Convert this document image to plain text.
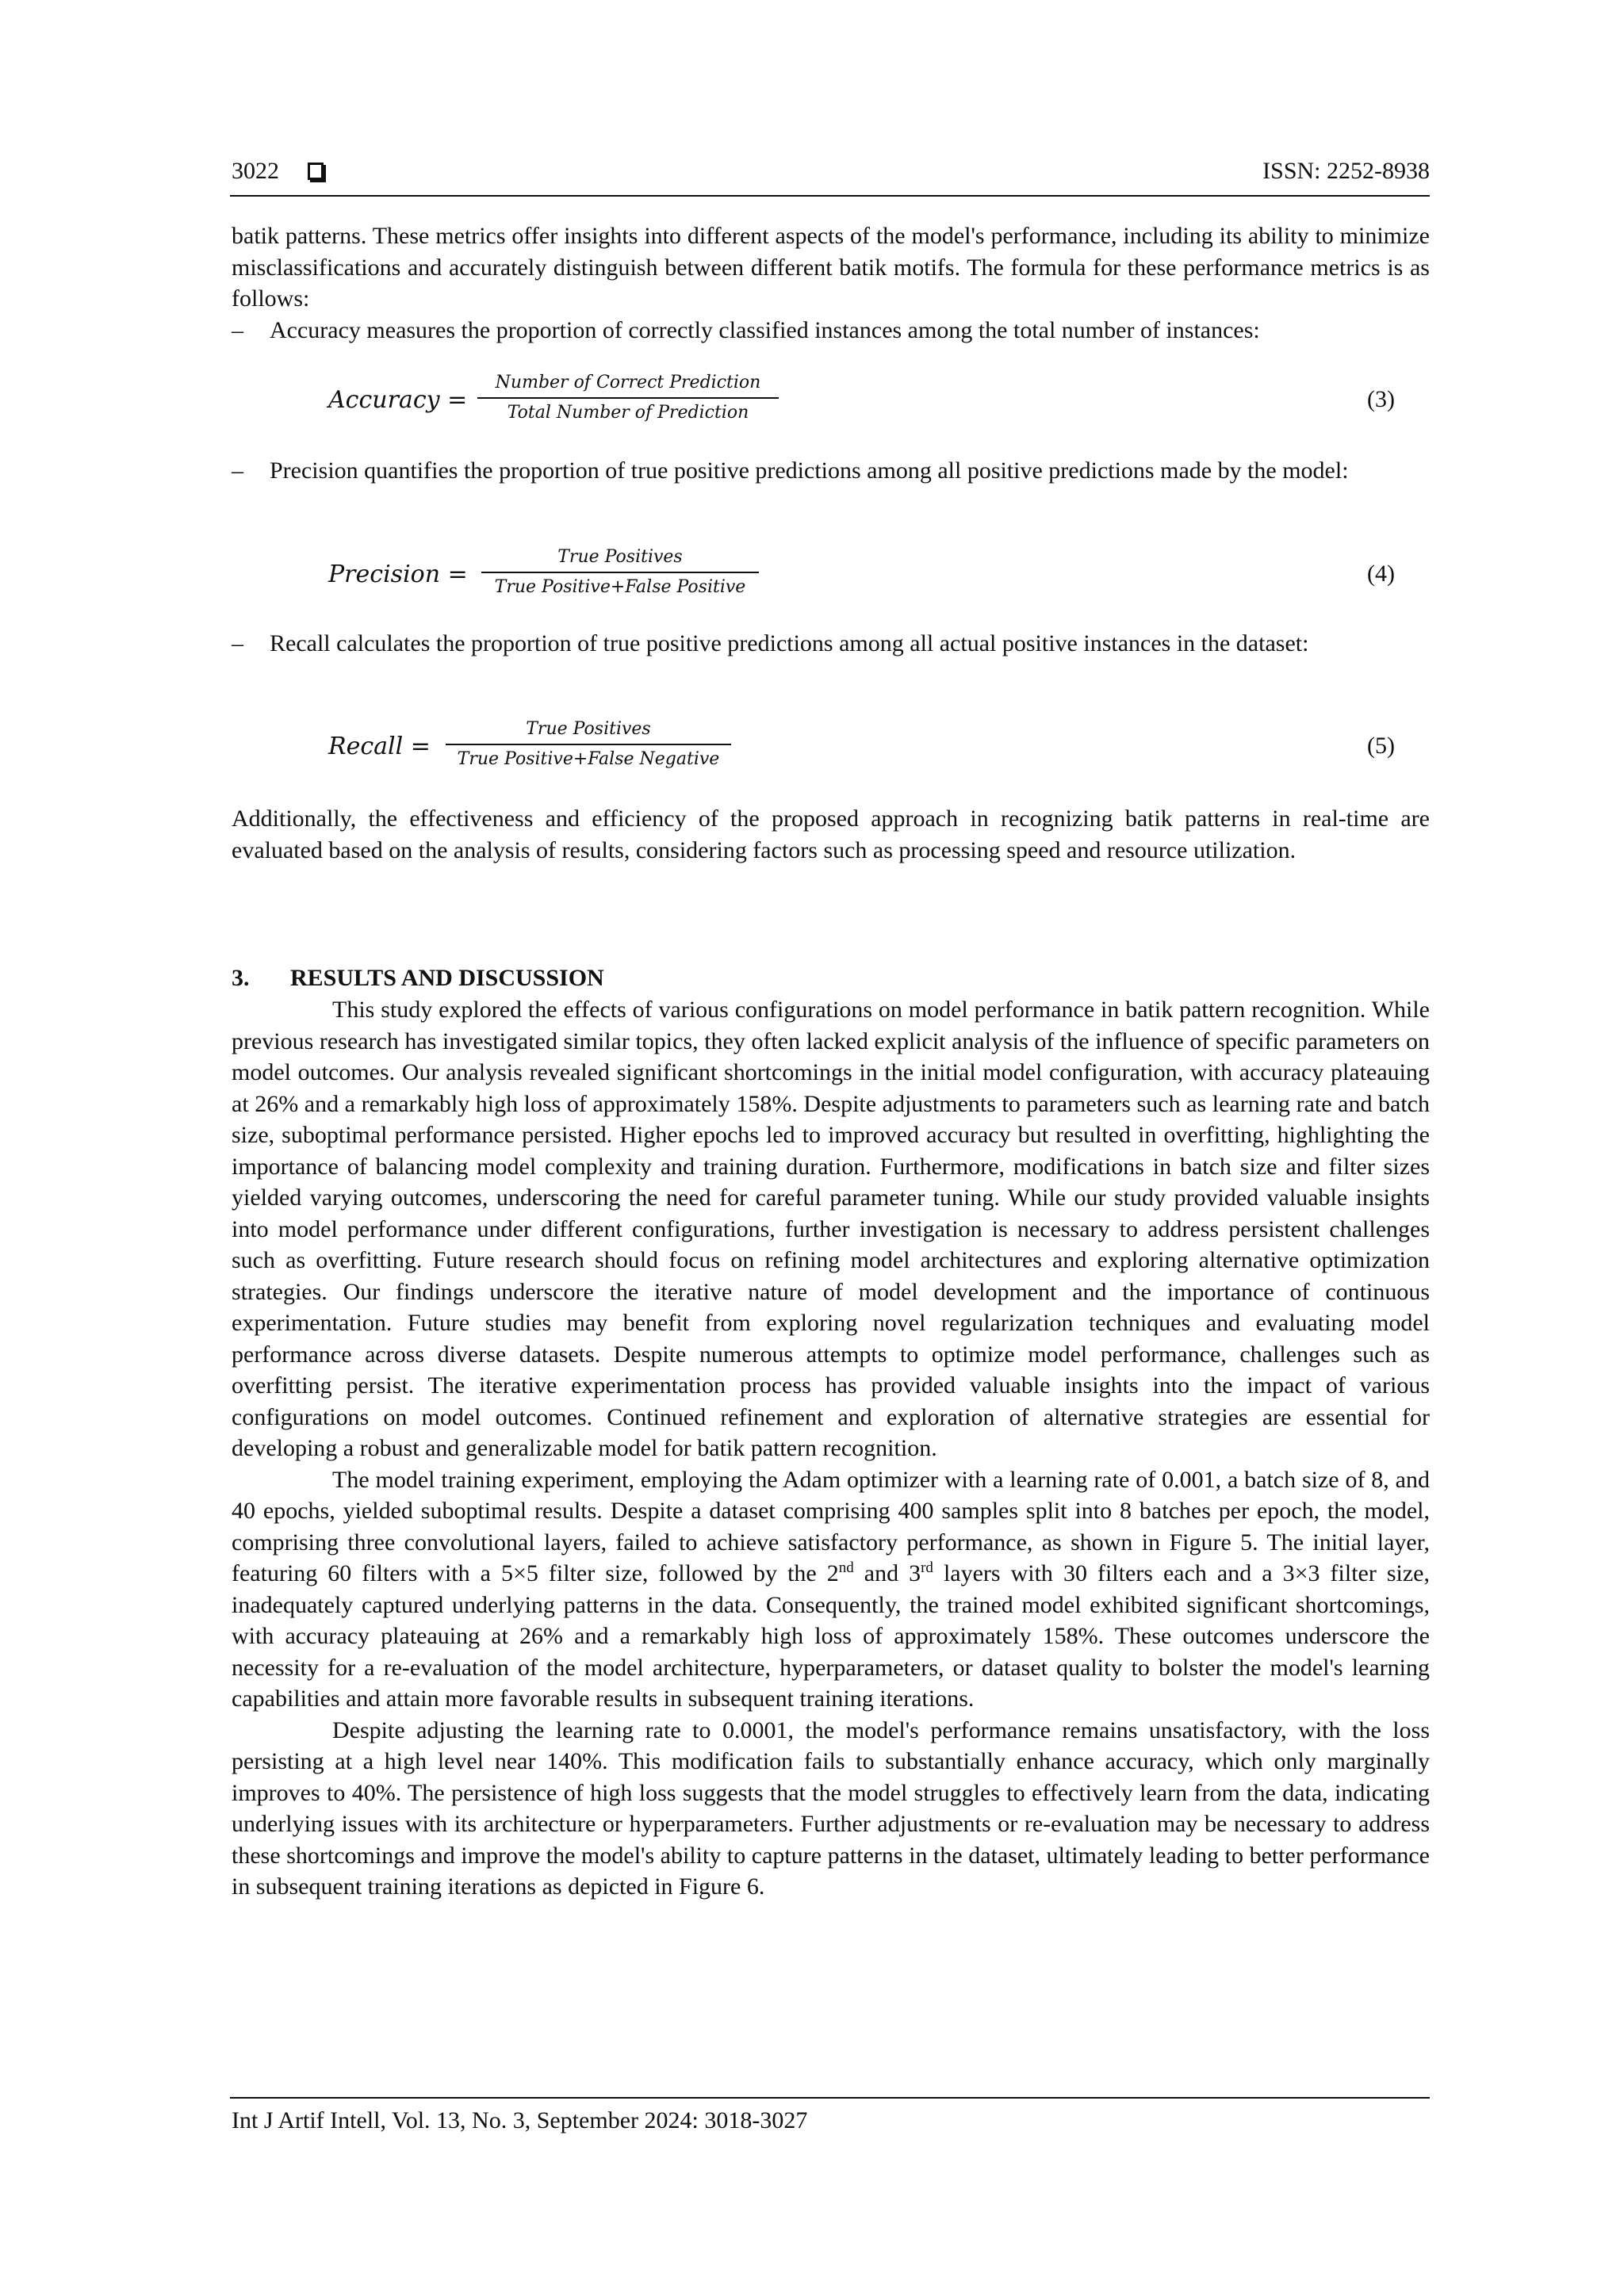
3022	ISSN: 2252-8938

batik patterns. These metrics offer insights into different aspects of the model's performance, including its ability to minimize misclassifications and accurately distinguish between different batik motifs. The formula for these performance metrics is as follows:

–	Accuracy measures the proportion of correctly classified instances among the total number of instances:
Accuracy =
Number of Correct Prediction
Total Number of Prediction
(3)
–	Precision quantifies the proportion of true positive predictions among all positive predictions made by the model:
Precision =
True Positives
True Positive+False Positive
(4)
–	Recall calculates the proportion of true positive predictions among all actual positive instances in the dataset:
Recall =
True Positives
True Positive+False Negative
(5)

Additionally, the effectiveness and efficiency of the proposed approach in recognizing batik patterns in real-time are evaluated based on the analysis of results, considering factors such as processing speed and resource utilization.

3. RESULTS AND DISCUSSION

This study explored the effects of various configurations on model performance in batik pattern recognition. While previous research has investigated similar topics, they often lacked explicit analysis of the influence of specific parameters on model outcomes. Our analysis revealed significant shortcomings in the initial model configuration, with accuracy plateauing at 26% and a remarkably high loss of approximately 158%. Despite adjustments to parameters such as learning rate and batch size, suboptimal performance persisted. Higher epochs led to improved accuracy but resulted in overfitting, highlighting the importance of balancing model complexity and training duration. Furthermore, modifications in batch size and filter sizes yielded varying outcomes, underscoring the need for careful parameter tuning. While our study provided valuable insights into model performance under different configurations, further investigation is necessary to address persistent challenges such as overfitting. Future research should focus on refining model architectures and exploring alternative optimization strategies. Our findings underscore the iterative nature of model development and the importance of continuous experimentation. Future studies may benefit from exploring novel regularization techniques and evaluating model performance across diverse datasets. Despite numerous attempts to optimize model performance, challenges such as overfitting persist. The iterative experimentation process has provided valuable insights into the impact of various configurations on model outcomes. Continued refinement and exploration of alternative strategies are essential for developing a robust and generalizable model for batik pattern recognition.

The model training experiment, employing the Adam optimizer with a learning rate of 0.001, a batch size of 8, and 40 epochs, yielded suboptimal results. Despite a dataset comprising 400 samples split into 8 batches per epoch, the model, comprising three convolutional layers, failed to achieve satisfactory performance, as shown in Figure 5. The initial layer, featuring 60 filters with a 5×5 filter size, followed by the 2nd and 3rd layers with 30 filters each and a 3×3 filter size, inadequately captured underlying patterns in the data. Consequently, the trained model exhibited significant shortcomings, with accuracy plateauing at 26% and a remarkably high loss of approximately 158%. These outcomes underscore the necessity for a re-evaluation of the model architecture, hyperparameters, or dataset quality to bolster the model's learning capabilities and attain more favorable results in subsequent training iterations.

Despite adjusting the learning rate to 0.0001, the model's performance remains unsatisfactory, with the loss persisting at a high level near 140%. This modification fails to substantially enhance accuracy, which only marginally improves to 40%. The persistence of high loss suggests that the model struggles to effectively learn from the data, indicating underlying issues with its architecture or hyperparameters. Further adjustments or re-evaluation may be necessary to address these shortcomings and improve the model's ability to capture patterns in the dataset, ultimately leading to better performance in subsequent training iterations as depicted in Figure 6.

Int J Artif Intell, Vol. 13, No. 3, September 2024: 3018-3027
